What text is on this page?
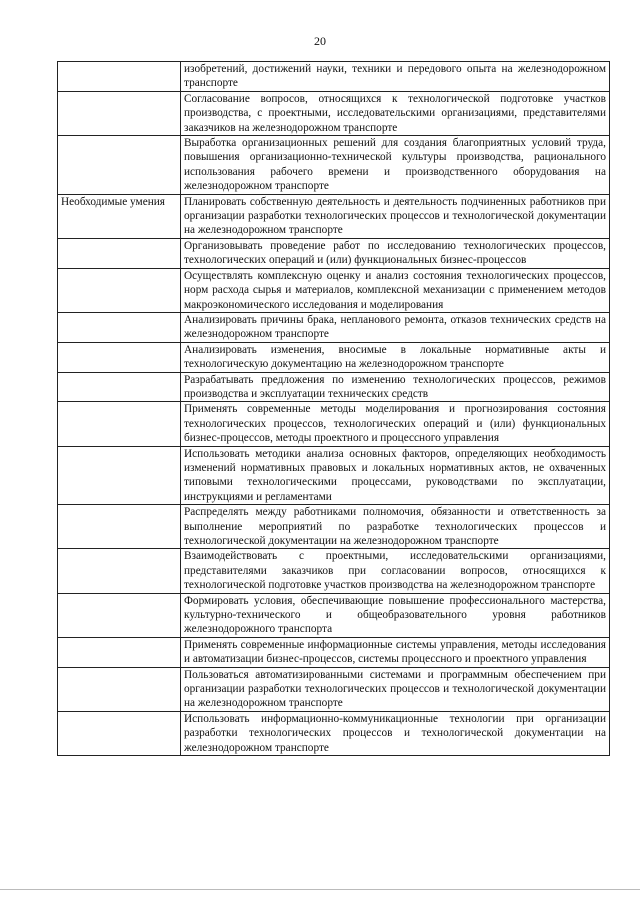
20
	изобретений, достижений науки, техники и передового опыта на железнодорожном транспорте
	Согласование вопросов, относящихся к технологической подготовке участков производства, с проектными, исследовательскими организациями, представителями заказчиков на железнодорожном транспорте
	Выработка организационных решений для создания благоприятных условий труда, повышения организационно-технической культуры производства, рационального использования рабочего времени и производственного оборудования на железнодорожном транспорте
Необходимые умения	Планировать собственную деятельность и деятельность подчиненных работников при организации разработки технологических процессов и технологической документации на железнодорожном транспорте
	Организовывать проведение работ по исследованию технологических процессов, технологических операций и (или) функциональных бизнес-процессов
	Осуществлять комплексную оценку и анализ состояния технологических процессов, норм расхода сырья и материалов, комплексной механизации с применением методов макроэкономического исследования и моделирования
	Анализировать причины брака, непланового ремонта, отказов технических средств на железнодорожном транспорте
	Анализировать изменения, вносимые в локальные нормативные акты и технологическую документацию на железнодорожном транспорте
	Разрабатывать предложения по изменению технологических процессов, режимов производства и эксплуатации технических средств
	Применять современные методы моделирования и прогнозирования состояния технологических процессов, технологических операций и (или) функциональных бизнес-процессов, методы проектного и процессного управления
	Использовать методики анализа основных факторов, определяющих необходимость изменений нормативных правовых и локальных нормативных актов, не охваченных типовыми технологическими процессами, руководствами по эксплуатации, инструкциями и регламентами
	Распределять между работниками полномочия, обязанности и ответственность за выполнение мероприятий по разработке технологических процессов и технологической документации на железнодорожном транспорте
	Взаимодействовать с проектными, исследовательскими организациями, представителями заказчиков при согласовании вопросов, относящихся к технологической подготовке участков производства на железнодорожном транспорте
	Формировать условия, обеспечивающие повышение профессионального мастерства, культурно-технического и общеобразовательного уровня работников железнодорожного транспорта
	Применять современные информационные системы управления, методы исследования и автоматизации бизнес-процессов, системы процессного и проектного управления
	Пользоваться автоматизированными системами и программным обеспечением при организации разработки технологических процессов и технологической документации на железнодорожном транспорте
	Использовать информационно-коммуникационные технологии при организации разработки технологических процессов и технологической документации на железнодорожном транспорте
